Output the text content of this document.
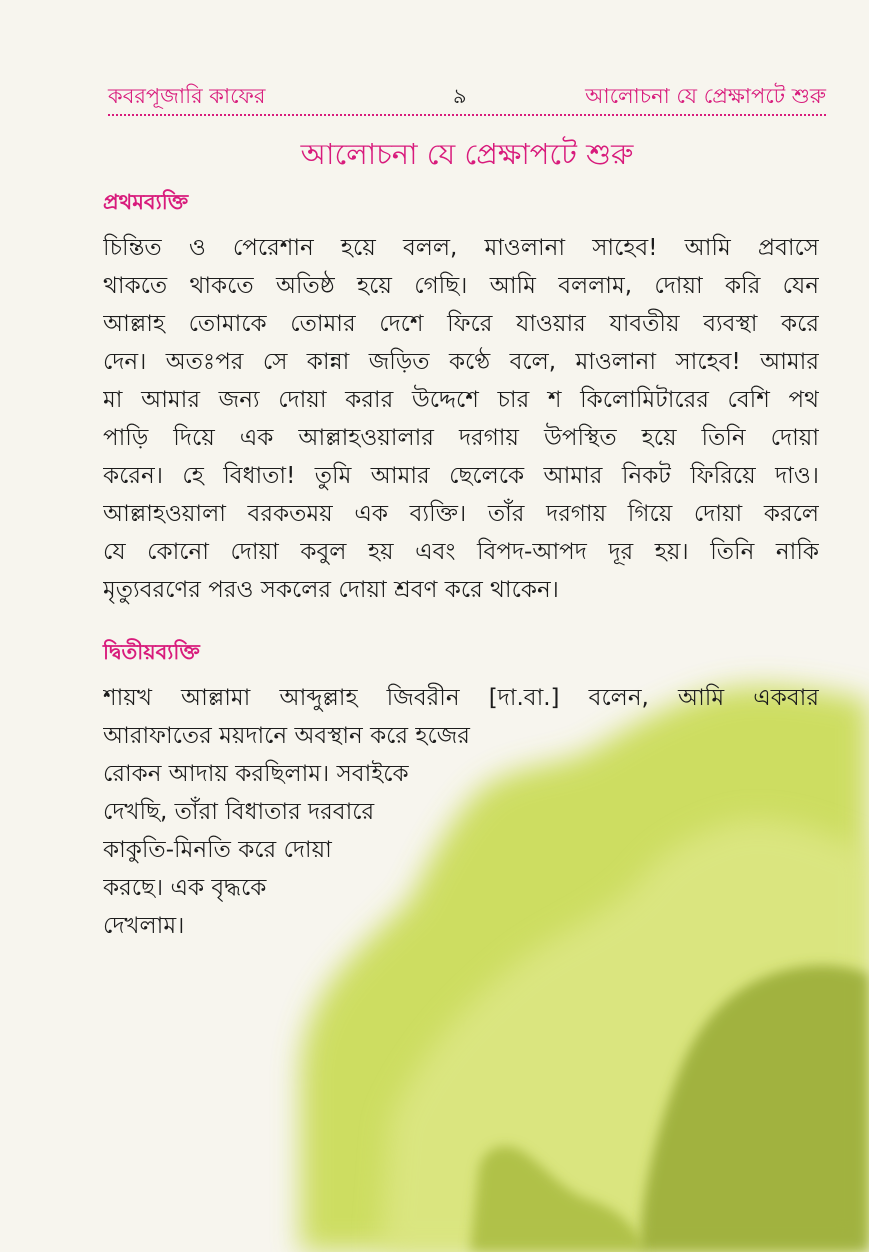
কবরপূজারি কাফের	৯	আলোচনা যে প্রেক্ষাপটে শুরু
আলোচনা যে প্রেক্ষাপটে শুরু
প্রথমব্যক্তি
চিন্তিত ও পেরেশান হয়ে বলল, মাওলানা সাহেব! আমি প্রবাসে
থাকতে থাকতে অতিষ্ঠ হয়ে গেছি। আমি বললাম, দোয়া করি যেন
আল্লাহ তোমাকে তোমার দেশে ফিরে যাওয়ার যাবতীয় ব্যবস্থা করে
দেন। অতঃপর সে কান্না জড়িত কণ্ঠে বলে, মাওলানা সাহেব! আমার
মা আমার জন্য দোয়া করার উদ্দেশে চার শ কিলোমিটারের বেশি পথ
পাড়ি দিয়ে এক আল্লাহওয়ালার দরগায় উপস্থিত হয়ে তিনি দোয়া
করেন। হে বিধাতা! তুমি আমার ছেলেকে আমার নিকট ফিরিয়ে দাও।
আল্লাহওয়ালা বরকতময় এক ব্যক্তি। তাঁর দরগায় গিয়ে দোয়া করলে
যে কোনো দোয়া কবুল হয় এবং বিপদ-আপদ দূর হয়। তিনি নাকি
মৃত্যুবরণের পরও সকলের দোয়া শ্রবণ করে থাকেন।
দ্বিতীয়ব্যক্তি
শায়খ আল্লামা আব্দুল্লাহ জিবরীন [দা.বা.] বলেন, আমি একবার
আরাফাতের ময়দানে অবস্থান করে হজের
রোকন আদায় করছিলাম। সবাইকে
দেখছি, তাঁরা বিধাতার দরবারে
কাকুতি-মিনতি করে দোয়া
করছে। এক বৃদ্ধকে
দেখলাম।
